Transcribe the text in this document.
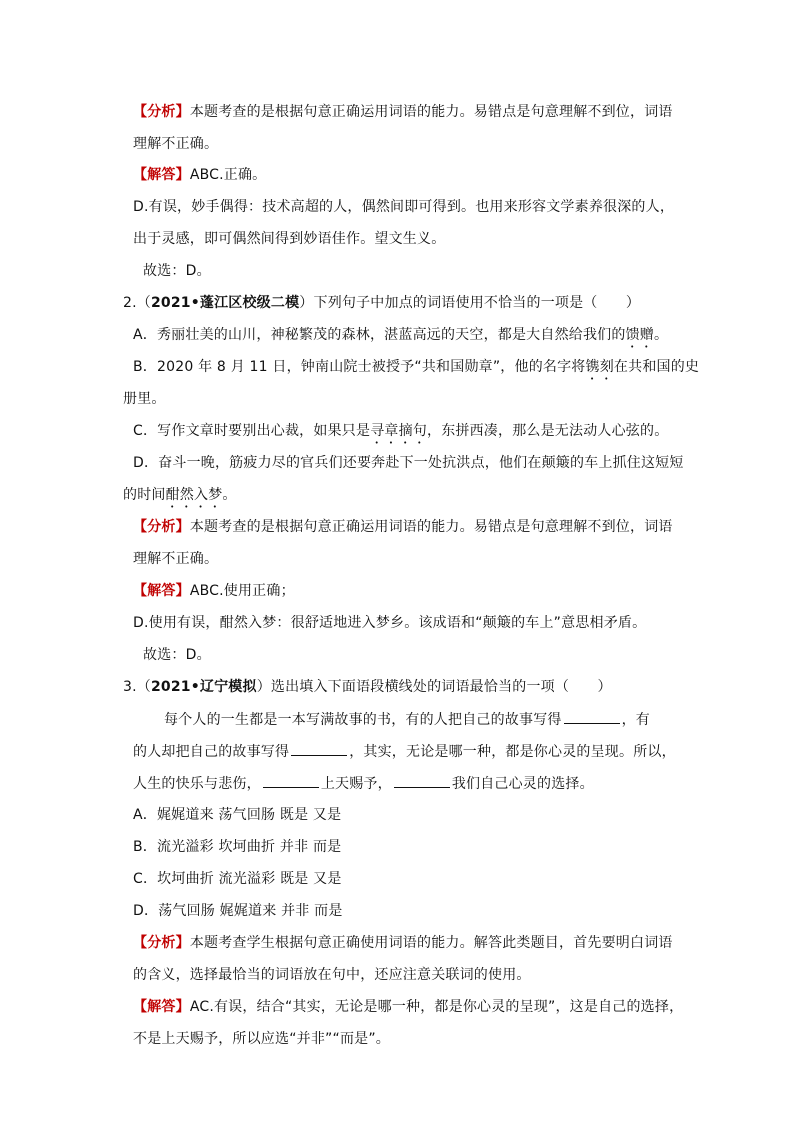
【分析】本题考查的是根据句意正确运用词语的能力。易错点是句意理解不到位，词语
理解不正确。
【解答】ABC.正确。
D.有误，妙手偶得：技术高超的人，偶然间即可得到。也用来形容文学素养很深的人，
出于灵感，即可偶然间得到妙语佳作。望文生义。
故选：D。
2.（2021•蓬江区校级二模）下列句子中加点的词语使用不恰当的一项是（　　）
A．秀丽壮美的山川，神秘繁茂的森林，湛蓝高远的天空，都是大自然给我们的馈赠。
B．2020 年 8 月 11 日，钟南山院士被授予“共和国勋章”，他的名字将镌刻在共和国的史
册里。
C．写作文章时要别出心裁，如果只是寻章摘句，东拼西凑，那么是无法动人心弦的。
D．奋斗一晚，筋疲力尽的官兵们还要奔赴下一处抗洪点，他们在颠簸的车上抓住这短短
的时间酣然入梦。
【分析】本题考查的是根据句意正确运用词语的能力。易错点是句意理解不到位，词语
理解不正确。
【解答】ABC.使用正确；
D.使用有误，酣然入梦：很舒适地进入梦乡。该成语和“颠簸的车上”意思相矛盾。
故选：D。
3.（2021•辽宁模拟）选出填入下面语段横线处的词语最恰当的一项（　　）
每个人的一生都是一本写满故事的书，有的人把自己的故事写得	，有
的人却把自己的故事写得	，其实，无论是哪一种，都是你心灵的呈现。所以，
人生的快乐与悲伤，	上天赐予，	我们自己心灵的选择。
A．娓娓道来 荡气回肠 既是 又是
B．流光溢彩 坎坷曲折 并非 而是
C．坎坷曲折 流光溢彩 既是 又是
D．荡气回肠 娓娓道来 并非 而是
【分析】本题考查学生根据句意正确使用词语的能力。解答此类题目，首先要明白词语
的含义，选择最恰当的词语放在句中，还应注意关联词的使用。
【解答】AC.有误，结合“其实，无论是哪一种，都是你心灵的呈现”，这是自己的选择，
不是上天赐予，所以应选“并非”“而是”。
